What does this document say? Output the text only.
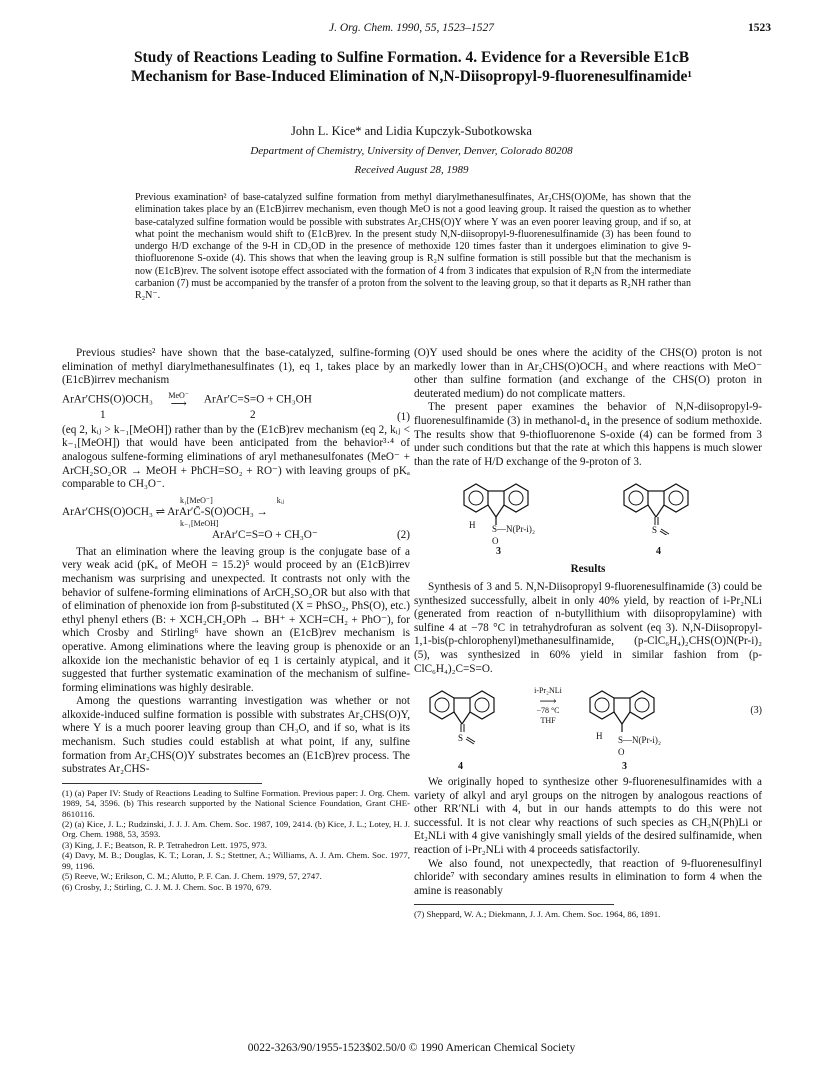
J. Org. Chem. 1990, 55, 1523–1527	1523
Study of Reactions Leading to Sulfine Formation. 4. Evidence for a Reversible E1cB Mechanism for Base-Induced Elimination of N,N-Diisopropyl-9-fluorenesulfinamide¹
John L. Kice* and Lidia Kupczyk-Subotkowska
Department of Chemistry, University of Denver, Denver, Colorado 80208
Received August 28, 1989
Previous examination² of base-catalyzed sulfine formation from methyl diarylmethanesulfinates, Ar₂CHS(O)OMe, has shown that the elimination takes place by an (E1cB)irrev mechanism, even though MeO is not a good leaving group. It raised the question as to whether base-catalyzed sulfine formation would be possible with substrates Ar₂CHS(O)Y where Y was an even poorer leaving group, and if so, at what point the mechanism would shift to (E1cB)rev. In the present study N,N-diisopropyl-9-fluorenesulfinamide (3) has been found to undergo H/D exchange of the 9-H in CD₃OD in the presence of methoxide 120 times faster than it undergoes elimination to give 9-thiofluorenone S-oxide (4). This shows that when the leaving group is R₂N sulfine formation is still possible but that the mechanism is now (E1cB)rev. The solvent isotope effect associated with the formation of 4 from 3 indicates that expulsion of R₂N from the intermediate carbanion (7) must be accompanied by the transfer of a proton from the solvent to the leaving group, so that it departs as R₂NH rather than R₂N⁻.

Previous studies² have shown that the base-catalyzed, sulfine-forming elimination of methyl diarylmethanesulfinates (1), eq 1, takes place by an (E1cB)irrev mechanism

ArAr′CHS(O)OCH₃	MeO⁻
⟶	ArAr′C=S=O + CH₃OH
1	2	(1)

(eq 2, kᵢⱼ > k₋₁[MeOH]) rather than by the (E1cB)rev mechanism (eq 2, kᵢⱼ < k₋₁[MeOH]) that would have been anticipated from the behavior³·⁴ of analogous sulfene-forming eliminations of aryl methanesulfonates (MeO⁻ + ArCH₂SO₂OR → MeOH + PhCH=SO₂ + RO⁻) with leaving groups of pKₐ comparable to CH₃O⁻.

k₁[MeO⁻]	kᵢⱼ
ArAr′CHS(O)OCH₃ ⇌ ArAr′C̄-S(O)OCH₃ →
k₋₁[MeOH]
ArAr′C=S=O + CH₃O⁻	(2)

That an elimination where the leaving group is the conjugate base of a very weak acid (pKₐ of MeOH = 15.2)⁵ would proceed by an (E1cB)irrev mechanism was surprising and unexpected. It contrasts not only with the behavior of sulfene-forming eliminations of ArCH₂SO₂OR but also with that of elimination of phenoxide ion from β-substituted (X = PhSO₂, PhS(O), etc.) ethyl phenyl ethers (B: + XCH₂CH₂OPh → BH⁺ + XCH=CH₂ + PhO⁻), for which Crosby and Stirling⁶ have shown an (E1cB)rev mechanism is operative. Among eliminations where the leaving group is phenoxide or an alkoxide ion the mechanistic behavior of eq 1 is certainly atypical, and it suggested that further systematic examination of the mechanism of sulfine-forming eliminations was highly desirable.

Among the questions warranting investigation was whether or not alkoxide-induced sulfine formation is possible with substrates Ar₂CHS(O)Y, where Y is a much poorer leaving group than CH₃O, and if so, what is its mechanism. Such studies could establish at what point, if any, sulfine formation from Ar₂CHS(O)Y substrates becomes an (E1cB)rev process. The substrates Ar₂CHS-

(1) (a) Paper IV: Study of Reactions Leading to Sulfine Formation. Previous paper: J. Org. Chem. 1989, 54, 3596. (b) This research supported by the National Science Foundation, Grant CHE-8610116.
(2) (a) Kice, J. L.; Rudzinski, J. J. J. Am. Chem. Soc. 1987, 109, 2414. (b) Kice, J. L.; Lotey, H. J. Org. Chem. 1988, 53, 3593.
(3) King, J. F.; Beatson, R. P. Tetrahedron Lett. 1975, 973.
(4) Davy, M. B.; Douglas, K. T.; Loran, J. S.; Stettner, A.; Williams, A. J. Am. Chem. Soc. 1977, 99, 1196.
(5) Reeve, W.; Erikson, C. M.; Alutto, P. F. Can. J. Chem. 1979, 57, 2747.
(6) Crosby, J.; Stirling, C. J. M. J. Chem. Soc. B 1970, 679.

(O)Y used should be ones where the acidity of the CHS(O) proton is not markedly lower than in Ar₂CHS(O)OCH₃ and where reactions with MeO⁻ other than sulfine formation (and exchange of the CHS(O) proton in deuterated medium) do not complicate matters.

The present paper examines the behavior of N,N-diisopropyl-9-fluorenesulfinamide (3) in methanol-d₄ in the presence of sodium methoxide. The results show that 9-thiofluorenone S-oxide (4) can be formed from 3 under such conditions but that the rate at which this happens is much slower than the rate of H/D exchange of the 9-proton of 3.

H S—N(Pr-i)₂
O
3
S
4
Results

Synthesis of 3 and 5. N,N-Diisopropyl 9-fluorenesulfinamide (3) could be synthesized successfully, albeit in only 40% yield, by reaction of i-Pr₂NLi (generated from reaction of n-butyllithium with diisopropylamine) with sulfine 4 at −78 °C in tetrahydrofuran as solvent (eq 3). N,N-Diisopropyl-1,1-bis(p-chlorophenyl)methanesulfinamide, (p-ClC₆H₄)₂CHS(O)N(Pr-i)₂ (5), was synthesized in 60% yield in similar fashion from (p-ClC₆H₄)₂C=S=O.

S
4
i-Pr₂NLi
⟶
−78 °C
THF
H S—N(Pr-i)₂
O
3
(3)

We originally hoped to synthesize other 9-fluorenesulfinamides with a variety of alkyl and aryl groups on the nitrogen by analogous reactions of other RR′NLi with 4, but in our hands attempts to do this were not successful. It is not clear why reactions of such species as CH₃N(Ph)Li or Et₂NLi with 4 give vanishingly small yields of the desired sulfinamide, when reaction of i-Pr₂NLi with 4 proceeds satisfactorily.

We also found, not unexpectedly, that reaction of 9-fluorenesulfinyl chloride⁷ with secondary amines results in elimination to form 4 when the amine is reasonably

(7) Sheppard, W. A.; Diekmann, J. J. Am. Chem. Soc. 1964, 86, 1891.
0022-3263/90/1955-1523$02.50/0 © 1990 American Chemical Society
